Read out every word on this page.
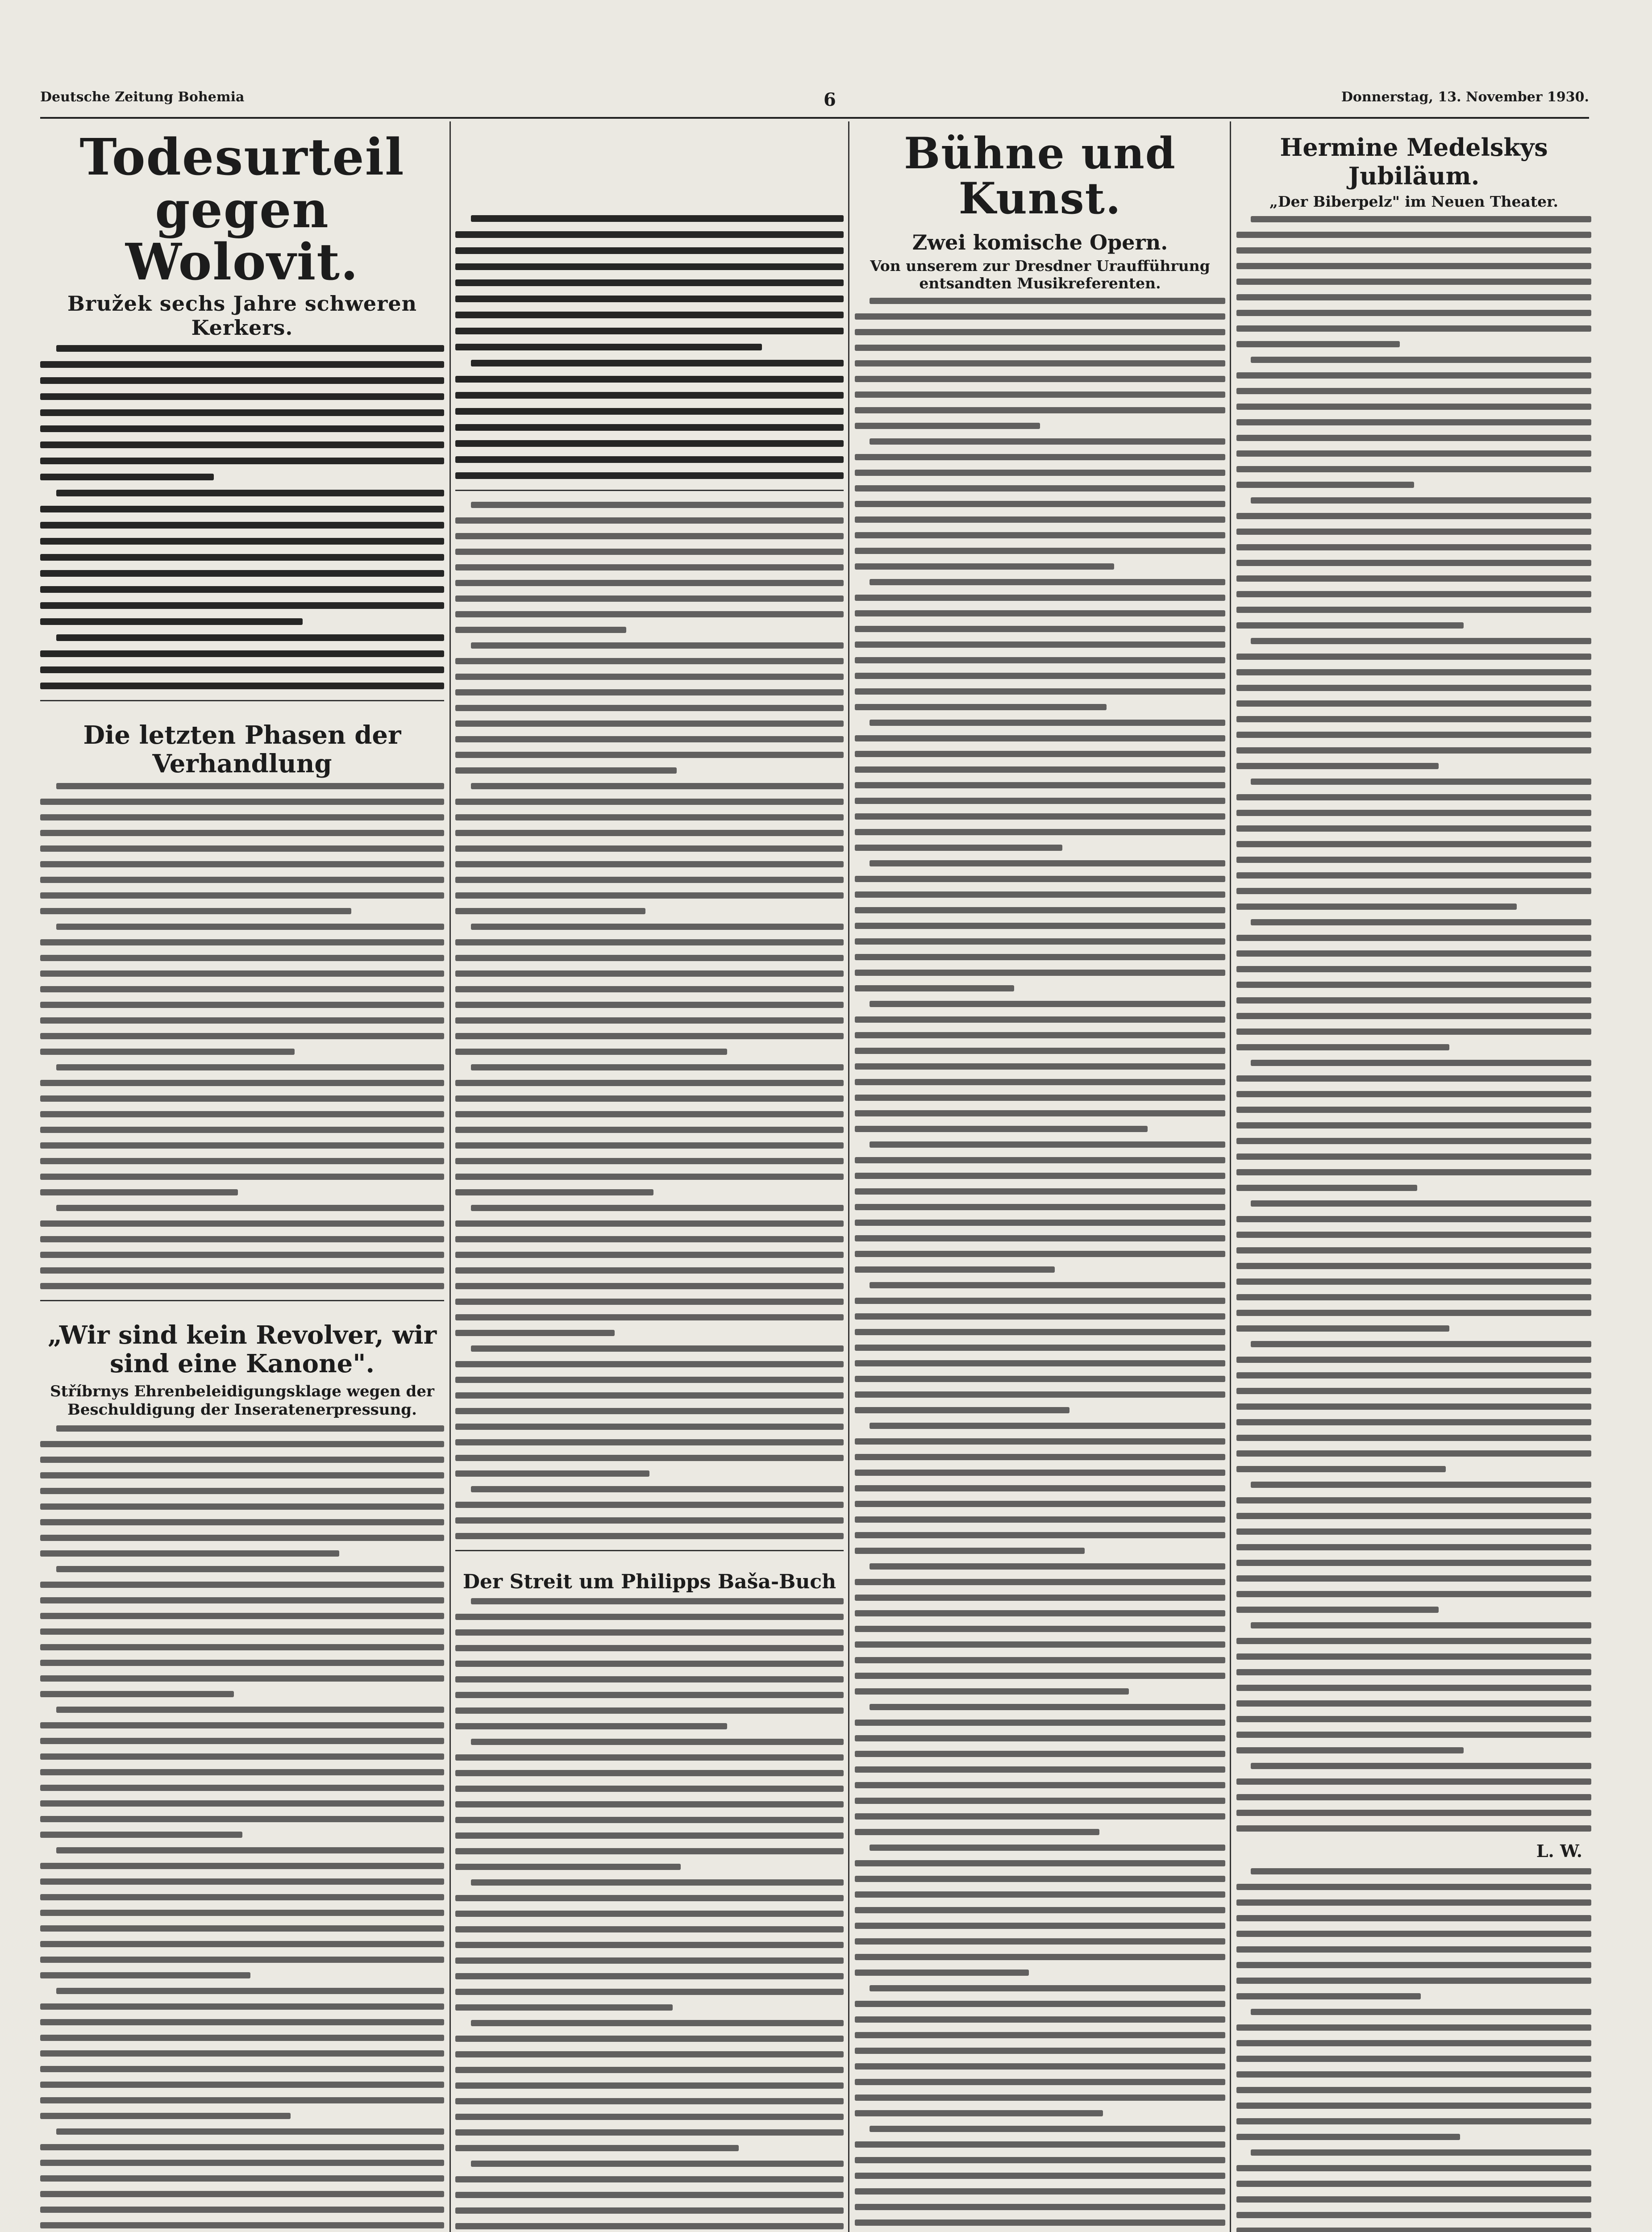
Deutsche Zeitung Bohemia	6	Donnerstag, 13. November 1930.
Todesurteil gegen Wolovit.
Bružek sechs Jahre schweren Kerkers.
Die letzten Phasen der Verhandlung
„Wir sind kein Revolver, wir sind eine Kanone".
Stříbrnys Ehrenbeleidigungsklage wegen der Beschuldigung der Inseratenerpressung.
Der Streit um Philipps Baša-Buch
Bühne und Kunst.
Zwei komische Opern.
Von unserem zur Dresdner Uraufführung entsandten Musikreferenten.
Hermine Medelskys Jubiläum.
„Der Biberpelz" im Neuen Theater.
L. W.
